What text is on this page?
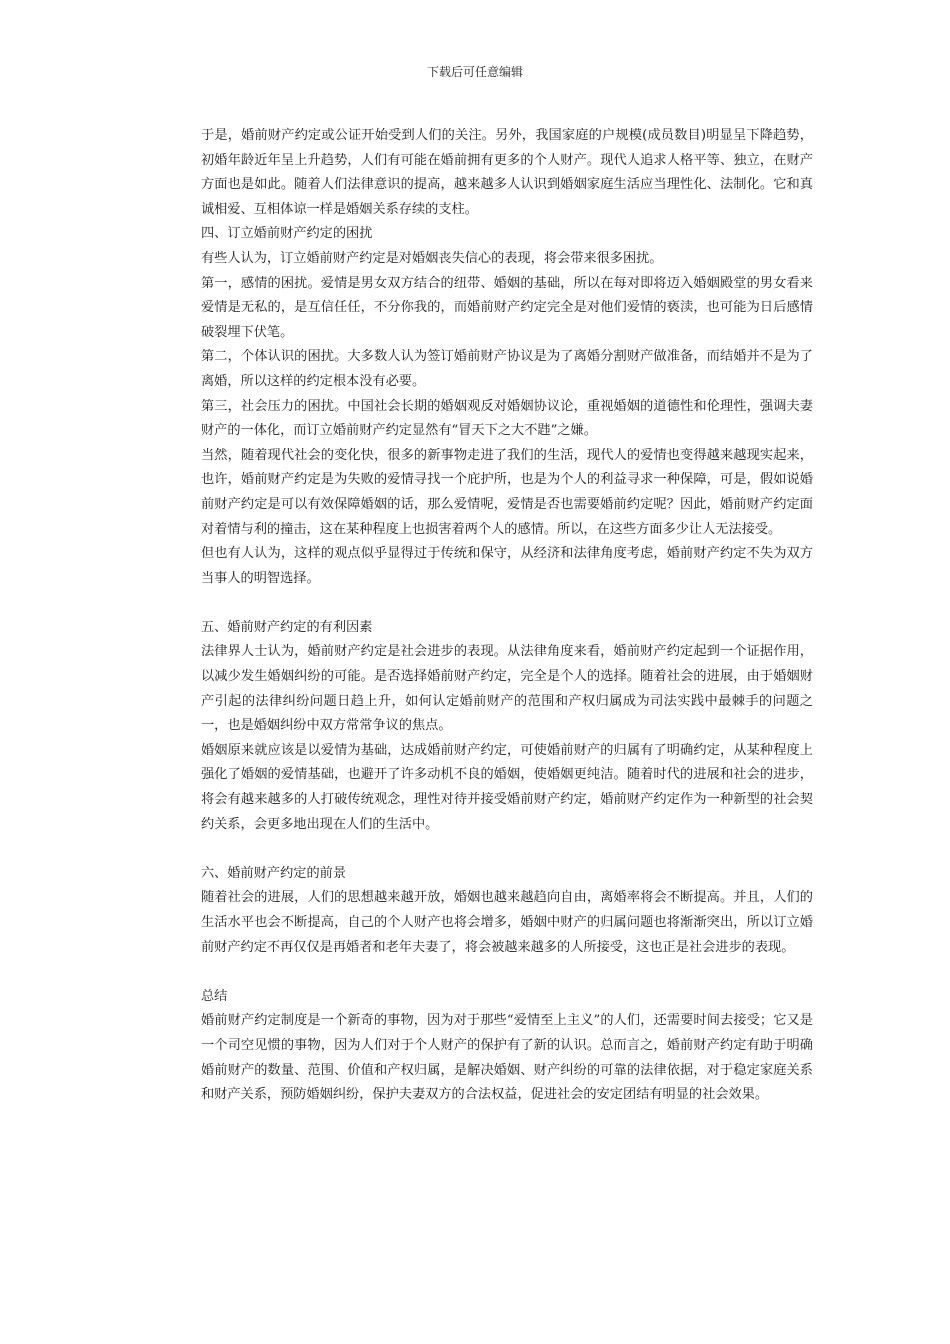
下载后可任意编辑

于是，婚前财产约定或公证开始受到人们的关注。另外，我国家庭的户规模(成员数目)明显呈下降趋势，初婚年龄近年呈上升趋势，人们有可能在婚前拥有更多的个人财产。现代人追求人格平等、独立，在财产方面也是如此。随着人们法律意识的提高，越来越多人认识到婚姻家庭生活应当理性化、法制化。它和真诚相爱、互相体谅一样是婚姻关系存续的支柱。

四、订立婚前财产约定的困扰

有些人认为，订立婚前财产约定是对婚姻丧失信心的表现，将会带来很多困扰。

第一，感情的困扰。爱情是男女双方结合的纽带、婚姻的基础，所以在每对即将迈入婚姻殿堂的男女看来爱情是无私的，是互信任任，不分你我的，而婚前财产约定完全是对他们爱情的亵渎，也可能为日后感情破裂埋下伏笔。

第二，个体认识的困扰。大多数人认为签订婚前财产协议是为了离婚分割财产做准备，而结婚并不是为了离婚，所以这样的约定根本没有必要。

第三，社会压力的困扰。中国社会长期的婚姻观反对婚姻协议论，重视婚姻的道德性和伦理性，强调夫妻财产的一体化，而订立婚前财产约定显然有“冒天下之大不韪”之嫌。

当然，随着现代社会的变化快，很多的新事物走进了我们的生活，现代人的爱情也变得越来越现实起来，也许，婚前财产约定是为失败的爱情寻找一个庇护所，也是为个人的利益寻求一种保障，可是，假如说婚前财产约定是可以有效保障婚姻的话，那么爱情呢，爱情是否也需要婚前约定呢？因此，婚前财产约定面对着情与利的撞击，这在某种程度上也损害着两个人的感情。所以，在这些方面多少让人无法接受。

但也有人认为，这样的观点似乎显得过于传统和保守，从经济和法律角度考虑，婚前财产约定不失为双方当事人的明智选择。

五、婚前财产约定的有利因素

法律界人士认为，婚前财产约定是社会进步的表现。从法律角度来看，婚前财产约定起到一个证据作用，以减少发生婚姻纠纷的可能。是否选择婚前财产约定，完全是个人的选择。随着社会的进展，由于婚姻财产引起的法律纠纷问题日趋上升，如何认定婚前财产的范围和产权归属成为司法实践中最棘手的问题之一，也是婚姻纠纷中双方常常争议的焦点。

婚姻原来就应该是以爱情为基础，达成婚前财产约定，可使婚前财产的归属有了明确约定，从某种程度上强化了婚姻的爱情基础，也避开了许多动机不良的婚姻，使婚姻更纯洁。随着时代的进展和社会的进步，将会有越来越多的人打破传统观念，理性对待并接受婚前财产约定，婚前财产约定作为一种新型的社会契约关系，会更多地出现在人们的生活中。

六、婚前财产约定的前景

随着社会的进展，人们的思想越来越开放，婚姻也越来越趋向自由，离婚率将会不断提高。并且，人们的生活水平也会不断提高，自己的个人财产也将会增多，婚姻中财产的归属问题也将渐渐突出，所以订立婚前财产约定不再仅仅是再婚者和老年夫妻了，将会被越来越多的人所接受，这也正是社会进步的表现。

总结

婚前财产约定制度是一个新奇的事物，因为对于那些“爱情至上主义”的人们，还需要时间去接受；它又是一个司空见惯的事物，因为人们对于个人财产的保护有了新的认识。总而言之，婚前财产约定有助于明确婚前财产的数量、范围、价值和产权归属，是解决婚姻、财产纠纷的可靠的法律依据，对于稳定家庭关系和财产关系，预防婚姻纠纷，保护夫妻双方的合法权益，促进社会的安定团结有明显的社会效果。
